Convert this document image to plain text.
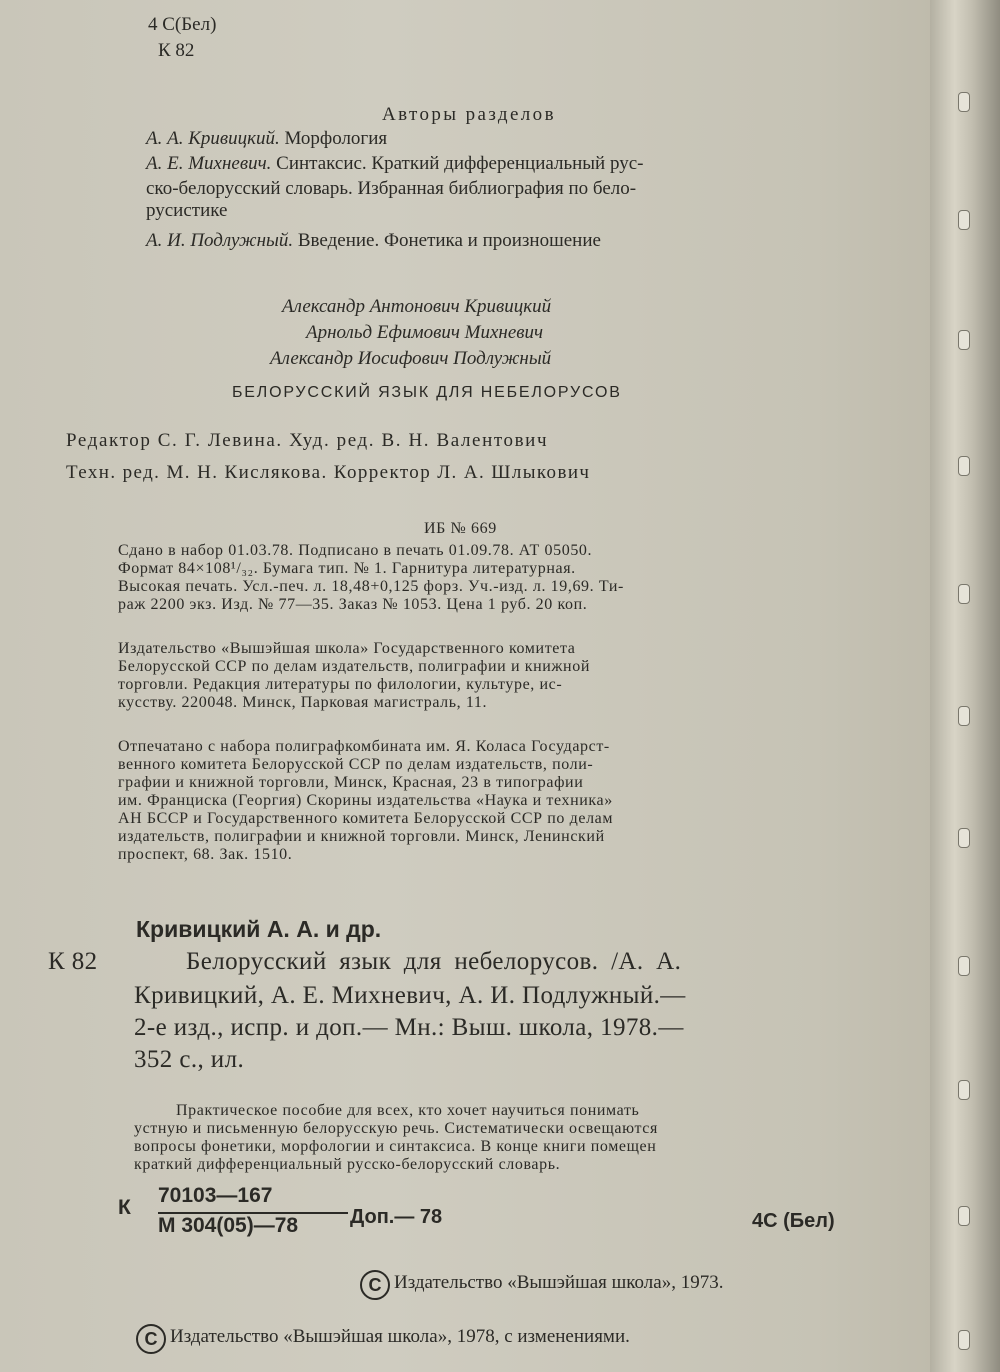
4 С(Бел)
К 82
Авторы разделов
А. А. Кривицкий. Морфология
А. Е. Михневич. Синтаксис. Краткий дифференциальный рус-
ско-белорусский словарь. Избранная библиография по бело-
русистике
А. И. Подлужный. Введение. Фонетика и произношение
Александр Антонович Кривицкий
Арнольд Ефимович Михневич
Александр Иосифович Подлужный
БЕЛОРУССКИЙ ЯЗЫК ДЛЯ НЕБЕЛОРУСОВ
Редактор С. Г. Левина. Худ. ред. В. Н. Валентович
Техн. ред. М. Н. Кислякова. Корректор Л. А. Шлыкович
ИБ № 669
Сдано в набор 01.03.78. Подписано в печать 01.09.78. АТ 05050.
Формат 84×108¹/₃₂. Бумага тип. № 1. Гарнитура литературная.
Высокая печать. Усл.-печ. л. 18,48+0,125 форз. Уч.-изд. л. 19,69. Ти-
раж 2200 экз. Изд. № 77—35. Заказ № 1053. Цена 1 руб. 20 коп.
Издательство «Вышэйшая школа» Государственного комитета
Белорусской ССР по делам издательств, полиграфии и книжной
торговли. Редакция литературы по филологии, культуре, ис-
кусству. 220048. Минск, Парковая магистраль, 11.
Отпечатано с набора полиграфкомбината им. Я. Коласа Государст-
венного комитета Белорусской ССР по делам издательств, поли-
графии и книжной торговли, Минск, Красная, 23 в типографии
им. Франциска (Георгия) Скорины издательства «Наука и техника»
АН БССР и Государственного комитета Белорусской ССР по делам
издательств, полиграфии и книжной торговли. Минск, Ленинский
проспект, 68. Зак. 1510.
Кривицкий А. А. и др.
К 82	Белорусский язык для небелорусов. /А. А.
Кривицкий, А. Е. Михневич, А. И. Подлужный.—
2-е изд., испр. и доп.— Мн.: Выш. школа, 1978.—
352 с., ил.
Практическое пособие для всех, кто хочет научиться понимать
устную и письменную белорусскую речь. Систематически освещаются
вопросы фонетики, морфологии и синтаксиса. В конце книги помещен
краткий дифференциальный русско-белорусский словарь.
К
70103—167
М 304(05)—78	Доп.— 78	4С (Бел)
C Издательство «Вышэйшая школа», 1973.
C Издательство «Вышэйшая школа», 1978, с изменениями.
